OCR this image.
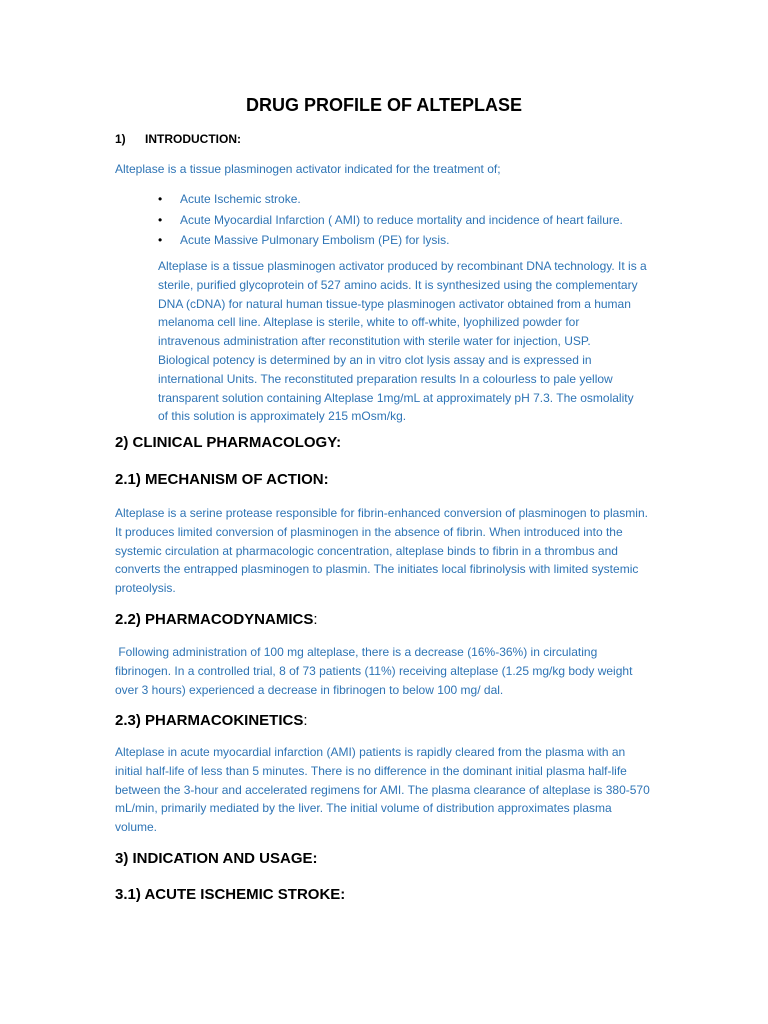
DRUG PROFILE OF ALTEPLASE
1) INTRODUCTION:

Alteplase is a tissue plasminogen activator indicated for the treatment of;

• Acute Ischemic stroke.
• Acute Myocardial Infarction ( AMI) to reduce mortality and incidence of heart failure.
• Acute Massive Pulmonary Embolism (PE) for lysis.
Alteplase is a tissue plasminogen activator produced by recombinant DNA technology. It is a
sterile, purified glycoprotein of 527 amino acids. It is synthesized using the complementary
DNA (cDNA) for natural human tissue-type plasminogen activator obtained from a human
melanoma cell line. Alteplase is sterile, white to off-white, lyophilized powder for
intravenous administration after reconstitution with sterile water for injection, USP.
Biological potency is determined by an in vitro clot lysis assay and is expressed in
international Units. The reconstituted preparation results In a colourless to pale yellow
transparent solution containing Alteplase 1mg/mL at approximately pH 7.3. The osmolality
of this solution is approximately 215 mOsm/kg.
2) CLINICAL PHARMACOLOGY:
2.1) MECHANISM OF ACTION:
Alteplase is a serine protease responsible for fibrin-enhanced conversion of plasminogen to plasmin.
It produces limited conversion of plasminogen in the absence of fibrin. When introduced into the
systemic circulation at pharmacologic concentration, alteplase binds to fibrin in a thrombus and
converts the entrapped plasminogen to plasmin. The initiates local fibrinolysis with limited systemic
proteolysis.
2.2) PHARMACODYNAMICS:
Following administration of 100 mg alteplase, there is a decrease (16%-36%) in circulating
fibrinogen. In a controlled trial, 8 of 73 patients (11%) receiving alteplase (1.25 mg/kg body weight
over 3 hours) experienced a decrease in fibrinogen to below 100 mg/ dal.
2.3) PHARMACOKINETICS:
Alteplase in acute myocardial infarction (AMI) patients is rapidly cleared from the plasma with an
initial half-life of less than 5 minutes. There is no difference in the dominant initial plasma half-life
between the 3-hour and accelerated regimens for AMI. The plasma clearance of alteplase is 380-570
mL/min, primarily mediated by the liver. The initial volume of distribution approximates plasma
volume.
3) INDICATION AND USAGE:
3.1) ACUTE ISCHEMIC STROKE:
